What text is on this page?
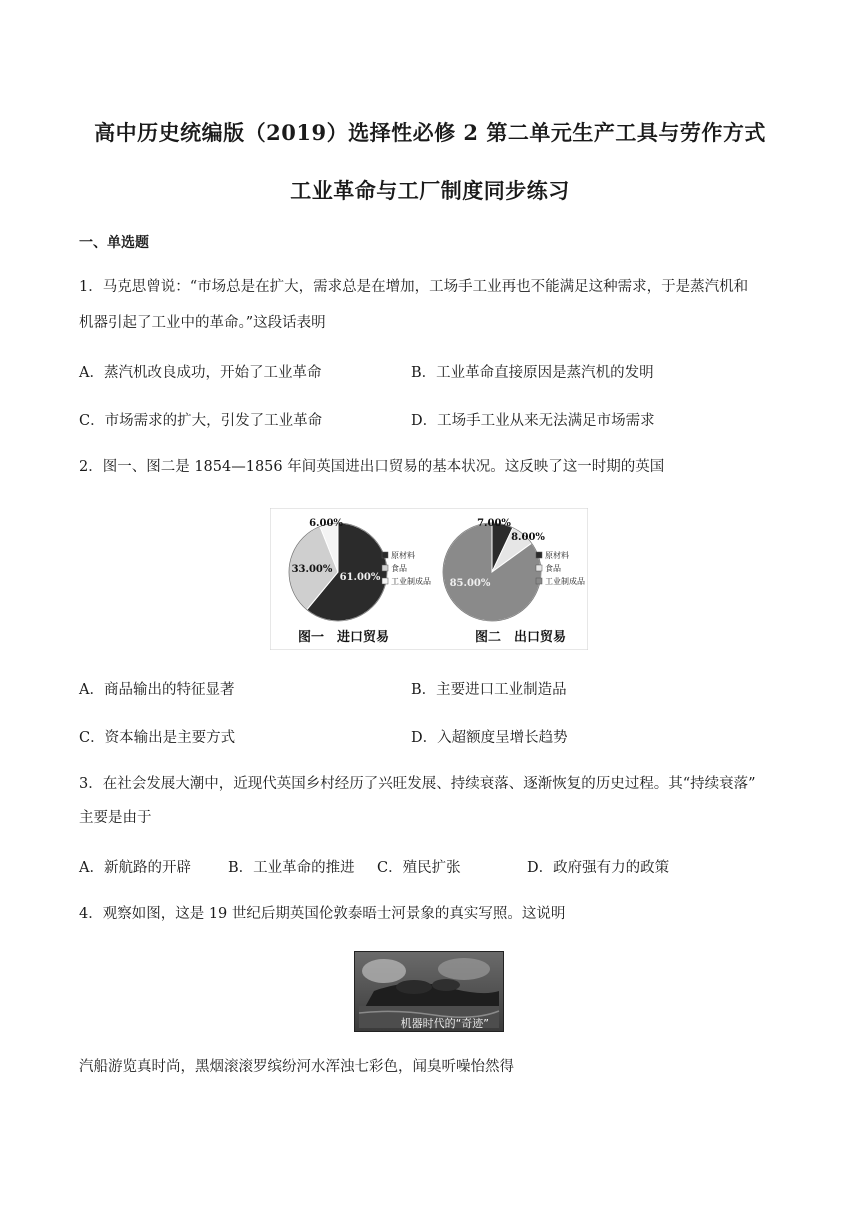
高中历史统编版（2019）选择性必修 2 第二单元生产工具与劳作方式
工业革命与工厂制度同步练习
一、单选题
1．马克思曾说：“市场总是在扩大，需求总是在增加，工场手工业再也不能满足这种需求，于是蒸汽机和
机器引起了工业中的革命。”这段话表明
A．蒸汽机改良成功，开始了工业革命	B．工业革命直接原因是蒸汽机的发明
C．市场需求的扩大，引发了工业革命	D．工场手工业从来无法满足市场需求
2．图一、图二是 1854—1856 年间英国进出口贸易的基本状况。这反映了这一时期的英国
61.00%
33.00%
6.00%
原材料
食品
工业制成品
7.00%
8.00%
85.00%
原材料
食品
工业制成品
图一　进口贸易	图二　出口贸易
A．商品输出的特征显著	B．主要进口工业制造品
C．资本输出是主要方式	D．入超额度呈增长趋势
3．在社会发展大潮中，近现代英国乡村经历了兴旺发展、持续衰落、逐渐恢复的历史过程。其“持续衰落”
主要是由于
A．新航路的开辟	B．工业革命的推进 C．殖民扩张	D．政府强有力的政策
4．观察如图，这是 19 世纪后期英国伦敦泰晤士河景象的真实写照。这说明
机器时代的“奇迹”
汽船游览真时尚，黑烟滚滚罗缤纷河水浑浊七彩色，闻臭听噪怡然得
